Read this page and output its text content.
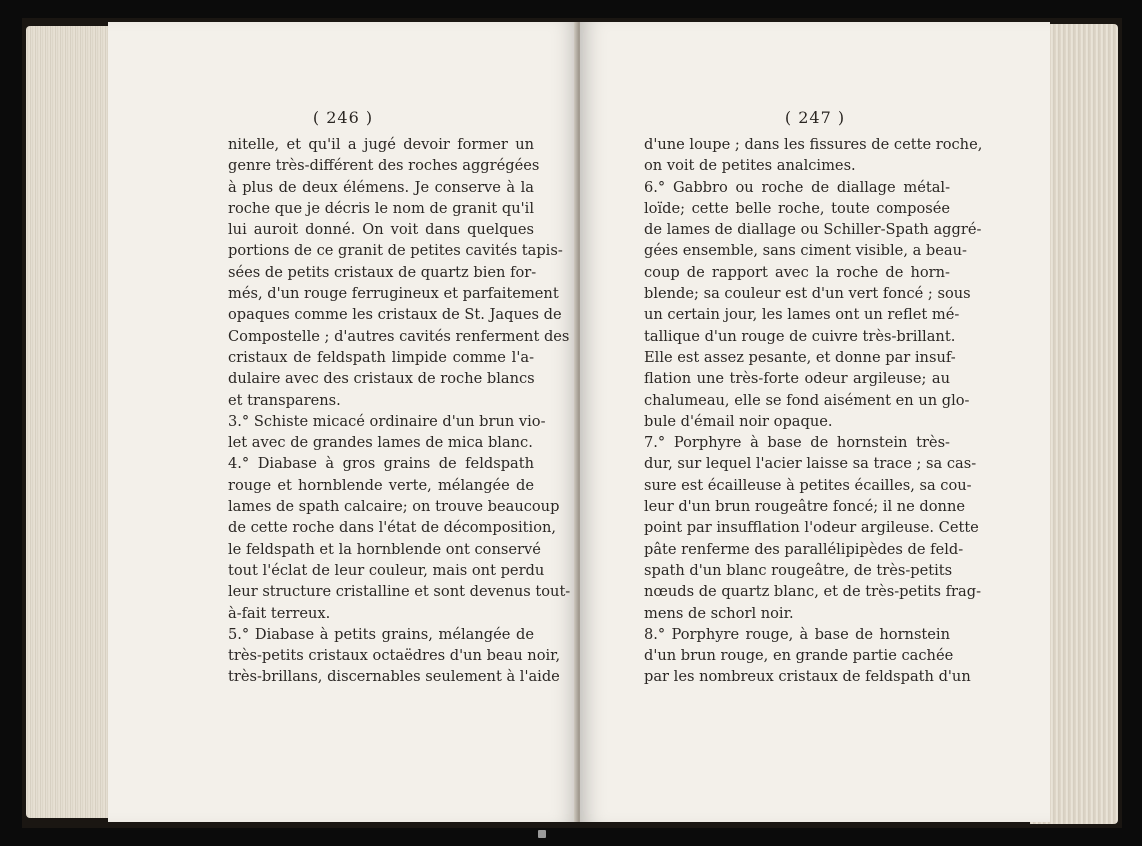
( 246 )
nitelle, et qu'il a jugé devoir former un
genre très-différent des roches aggrégées
à plus de deux élémens. Je conserve à la
roche que je décris le nom de granit qu'il
lui auroit donné. On voit dans quelques
portions de ce granit de petites cavités tapis-
sées de petits cristaux de quartz bien for-
més, d'un rouge ferrugineux et parfaitement
opaques comme les cristaux de St. Jaques de
Compostelle ; d'autres cavités renferment des
cristaux de feldspath limpide comme l'a-
dulaire avec des cristaux de roche blancs
et transparens.
3.° Schiste micacé ordinaire d'un brun vio-
let avec de grandes lames de mica blanc.
4.° Diabase à gros grains de feldspath
rouge et hornblende verte, mélangée de
lames de spath calcaire; on trouve beaucoup
de cette roche dans l'état de décomposition,
le feldspath et la hornblende ont conservé
tout l'éclat de leur couleur, mais ont perdu
leur structure cristalline et sont devenus tout-
à-fait terreux.
5.° Diabase à petits grains, mélangée de
très-petits cristaux octaëdres d'un beau noir,
très-brillans, discernables seulement à l'aide
( 247 )
d'une loupe ; dans les fissures de cette roche,
on voit de petites analcimes.
6.° Gabbro ou roche de diallage métal-
loïde; cette belle roche, toute composée
de lames de diallage ou Schiller-Spath aggré-
gées ensemble, sans ciment visible, a beau-
coup de rapport avec la roche de horn-
blende; sa couleur est d'un vert foncé ; sous
un certain jour, les lames ont un reflet mé-
tallique d'un rouge de cuivre très-brillant.
Elle est assez pesante, et donne par insuf-
flation une très-forte odeur argileuse; au
chalumeau, elle se fond aisément en un glo-
bule d'émail noir opaque.
7.° Porphyre à base de hornstein très-
dur, sur lequel l'acier laisse sa trace ; sa cas-
sure est écailleuse à petites écailles, sa cou-
leur d'un brun rougeâtre foncé; il ne donne
point par insufflation l'odeur argileuse. Cette
pâte renferme des parallélipipèdes de feld-
spath d'un blanc rougeâtre, de très-petits
nœuds de quartz blanc, et de très-petits frag-
mens de schorl noir.
8.° Porphyre rouge, à base de hornstein
d'un brun rouge, en grande partie cachée
par les nombreux cristaux de feldspath d'un
